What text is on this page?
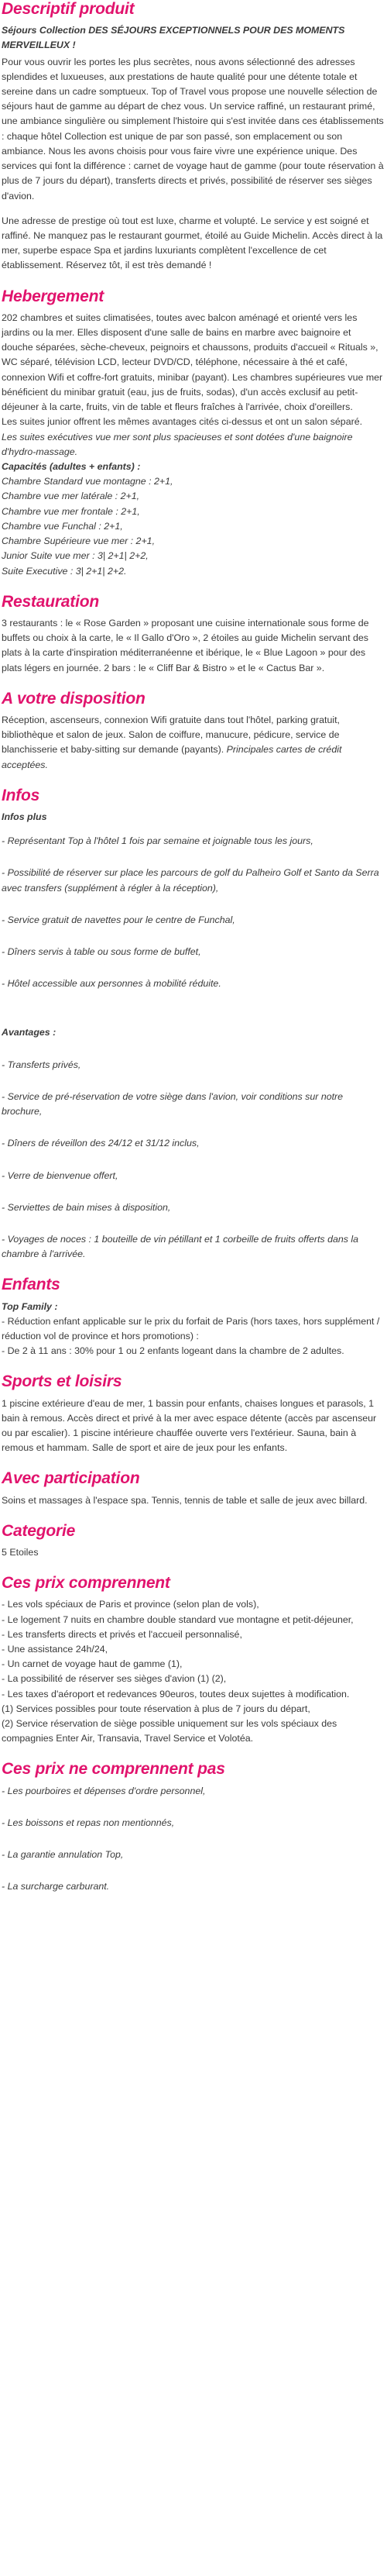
Descriptif produit

Séjours Collection DES SÉJOURS EXCEPTIONNELS POUR DES MOMENTS MERVEILLEUX !

Pour vous ouvrir les portes les plus secrètes, nous avons sélectionné des adresses splendides et luxueuses, aux prestations de haute qualité pour une détente totale et sereine dans un cadre somptueux. Top of Travel vous propose une nouvelle sélection de séjours haut de gamme au départ de chez vous. Un service raffiné, un restaurant primé, une ambiance singulière ou simplement l'histoire qui s'est invitée dans ces établissements : chaque hôtel Collection est unique de par son passé, son emplacement ou son ambiance. Nous les avons choisis pour vous faire vivre une expérience unique. Des services qui font la différence : carnet de voyage haut de gamme (pour toute réservation à plus de 7 jours du départ), transferts directs et privés, possibilité de réserver ses sièges d'avion.

Une adresse de prestige où tout est luxe, charme et volupté. Le service y est soigné et raffiné. Ne manquez pas le restaurant gourmet, étoilé au Guide Michelin. Accès direct à la mer, superbe espace Spa et jardins luxuriants complètent l'excellence de cet établissement. Réservez tôt, il est très demandé !

Hebergement

202 chambres et suites climatisées, toutes avec balcon aménagé et orienté vers les jardins ou la mer. Elles disposent d'une salle de bains en marbre avec baignoire et douche séparées, sèche-cheveux, peignoirs et chaussons, produits d'accueil « Rituals », WC séparé, télévision LCD, lecteur DVD/CD, téléphone, nécessaire à thé et café, connexion Wifi et coffre-fort gratuits, minibar (payant). Les chambres supérieures vue mer bénéficient du minibar gratuit (eau, jus de fruits, sodas), d'un accès exclusif au petit-déjeuner à la carte, fruits, vin de table et fleurs fraîches à l'arrivée, choix d'oreillers.

Les suites junior offrent les mêmes avantages cités ci-dessus et ont un salon séparé.

Les suites exécutives vue mer sont plus spacieuses et sont dotées d'une baignoire d'hydro-massage.

Capacités (adultes + enfants) :
Chambre Standard vue montagne : 2+1,
Chambre vue mer latérale : 2+1,
Chambre vue mer frontale : 2+1,
Chambre vue Funchal : 2+1,
Chambre Supérieure vue mer : 2+1,
Junior Suite vue mer : 3| 2+1| 2+2,
Suite Executive : 3| 2+1| 2+2.
Restauration

3 restaurants : le « Rose Garden » proposant une cuisine internationale sous forme de buffets ou choix à la carte, le « Il Gallo d'Oro », 2 étoiles au guide Michelin servant des plats à la carte d'inspiration méditerranéenne et ibérique, le « Blue Lagoon » pour des plats légers en journée. 2 bars : le « Cliff Bar & Bistro » et le « Cactus Bar ».

A votre disposition

Réception, ascenseurs, connexion Wifi gratuite dans tout l'hôtel, parking gratuit, bibliothèque et salon de jeux. Salon de coiffure, manucure, pédicure, service de blanchisserie et baby-sitting sur demande (payants). Principales cartes de crédit acceptées.

Infos
Infos plus
- Représentant Top à l'hôtel 1 fois par semaine et joignable tous les jours,
- Possibilité de réserver sur place les parcours de golf du Palheiro Golf et Santo da Serra avec transfers (supplément à régler à la réception),
- Service gratuit de navettes pour le centre de Funchal,
- Dîners servis à table ou sous forme de buffet,
- Hôtel accessible aux personnes à mobilité réduite.
Avantages :
- Transferts privés,
- Service de pré-réservation de votre siège dans l'avion, voir conditions sur notre brochure,
- Dîners de réveillon des 24/12 et 31/12 inclus,
- Verre de bienvenue offert,
- Serviettes de bain mises à disposition,
- Voyages de noces : 1 bouteille de vin pétillant et 1 corbeille de fruits offerts dans la chambre à l'arrivée.
Enfants
Top Family :
- Réduction enfant applicable sur le prix du forfait de Paris (hors taxes, hors supplément / réduction vol de province et hors promotions) :
- De 2 à 11 ans : 30% pour 1 ou 2 enfants logeant dans la chambre de 2 adultes.
Sports et loisirs

1 piscine extérieure d'eau de mer, 1 bassin pour enfants, chaises longues et parasols, 1 bain à remous. Accès direct et privé à la mer avec espace détente (accès par ascenseur ou par escalier). 1 piscine intérieure chauffée ouverte vers l'extérieur. Sauna, bain à remous et hammam. Salle de sport et aire de jeux pour les enfants.

Avec participation

Soins et massages à l'espace spa. Tennis, tennis de table et salle de jeux avec billard.

Categorie

5 Etoiles

Ces prix comprennent
- Les vols spéciaux de Paris et province (selon plan de vols),
- Le logement 7 nuits en chambre double standard vue montagne et petit-déjeuner,
- Les transferts directs et privés et l'accueil personnalisé,
- Une assistance 24h/24,
- Un carnet de voyage haut de gamme (1),
- La possibilité de réserver ses sièges d'avion (1) (2),
- Les taxes d'aéroport et redevances 90euros, toutes deux sujettes à modification.
(1) Services possibles pour toute réservation à plus de 7 jours du départ,
(2) Service réservation de siège possible uniquement sur les vols spéciaux des compagnies Enter Air, Transavia, Travel Service et Volotéa.
Ces prix ne comprennent pas
- Les pourboires et dépenses d'ordre personnel,
- Les boissons et repas non mentionnés,
- La garantie annulation Top,
- La surcharge carburant.
